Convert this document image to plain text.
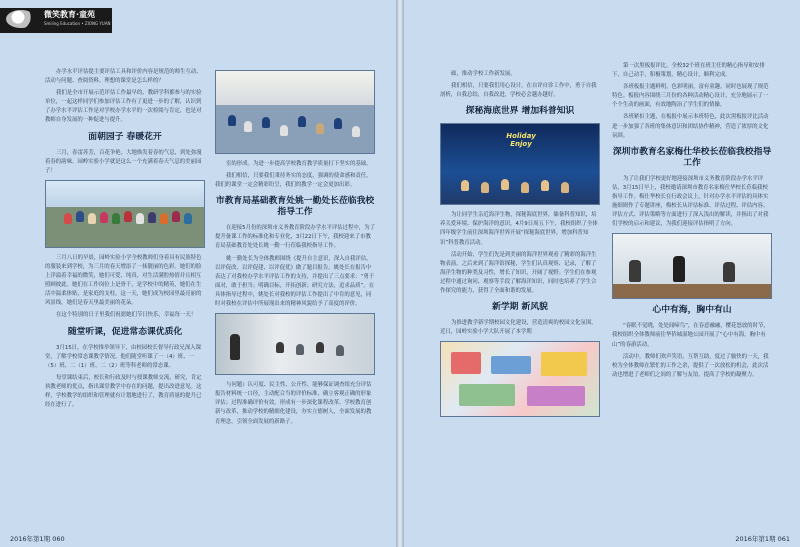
微笑教育·童苑
Smiling Education • ZIONG YUAN

办学水平评估提主要评估工具和评价内容是规范的师生互动、活动与问题、查阅资料。理想的课堂是怎么样的？

我们是全市开展示范评估工作最早的、教研学科都参与的实验单位，一起这样同学们参加评估工作有了更进一步的了解，认识到了办学水平评估工作是对学校办学水平的一次检阅与肯定，也是对教师自身发展的一种促进与提升。

面朝园子 春暖花开

三月，春雷苏芳，百花争艳。大地焕发着春的气息，到处弥漫着春的韵味。园岭实验小学就是这么一个充满着春天气息的美丽园子！

三月八日的早晨，园岭实验小学全校教师们身着具有民族特色的服装来到学校，为三月的春天增添了一抹靓丽的色彩。她们的脸上洋溢着幸福的微笑，她们可爱、纯真，对生活满腔热情并且相互照顾彼此。她们在工作岗位上是骨干，是学校中的精英，她们在生活中温柔体贴，是家庭的支柱。这一天，她们成为校园里最亮丽的风景线，她们是春天里最美丽的花朵。

在这个特别的日子里我们祝愿她们节日快乐，幸福每一天！

随堂听课，促进常态课优质化

3月15日，在学校推举领导下，由校园校长督导行政兄深入课堂，了解学校常态课教学情况。他们随堂听课了一（4）班、一（5）班、二（1）班、二（2）班等科老师的常态课。

每堂课结束后，校长和行政及时与授课教师交流、研究，肯定执教老师的优点，指出课堂教学中存在的问题，提出改进意见。这样，学校教学的组织和管理就有计划地进行了，教育质量的提升已经在进行了。

室的形成。为进一步提高学校教育教学质量打下坚实的基础。

我们相信，只要我们秉持务实的态度，强调的使命感和责任，我们的课堂一定会精彩纷呈，我们的教学一定会更加出彩。

市教育局基础教育处姚一勤处长莅临我校指导工作

在迎接5月份的深圳市义务教育阶段办学水平评估过程中，为了提升备课工作的标准化和专业化，3月22日下午，我校迎来了市教育局基础教育处处长姚一勤一行莅临我校指导工作。

姚一勤处长为全体教师围绕《提升自主意识，深入自我评估，以评促改、以评促建、以评促优》做了题目报告。姚处长在报告中表达了对我校办学水平评估工作的支持，并提出了三点要求：“勇于面对，敢于担当；明确目标，开拓创新；研究方法，追求品质”。在具体指导过程中，姚处长对我校的评估工作提出了中肯的意见，同时对我校在评估中所展现出来的精神风貌给予了高度的评价。

与问题）认可度、民主性、公开性、能够保证调查组充分评估报告材料统一口径，主动配合当的评价标准，确立客观正确的形象评估；过程准确评价有效，形成有一步深化课程改革、学校教育创新与改革，推动学校的精细化建设，夯实立德树人，全面发展的教育理念，引领全面发展的新路子。

2016年第1期 060

础，推动学校工作新发展。

我们相信，只要我们用心设计，在自评自诊工作中，勇于自我剖析，自我总结，自我改进，学校必会越办越好。

探秘海底世界 增加科普知识
Holiday
Enjoy

为让同学生亲近海洋生物，探秘海底世界，储备科普知识，培养关爱环境、保护海洋的意识，4月9日周五下午，我校组织了全体四年级学生前往深圳海洋世界开展“探秘海底世界，增加科普知识”科普教育活动。

活动开始，学生们先是到美丽的海洋世界观看了精彩的海洋生物表演，之后来到了海洋馆探秘，学生们认真观察、记录，了解了海洋生物的种类及习性，增长了知识，开阔了视野。学生们在参观过程中通过询问、观察等手段了解海洋知识，同时也培养了学生合作探究的能力，获得了全面和谐的发展。

新学期 新风貌

为推进教学新学期校园文化建设，营造清爽的校园文化氛围，近日，园岭实验小学大队开展了本学期

第一次黑板报评比，全校32个班在班主任的精心指导和安排下，自己动手，积极策划，精心设计，顺利完成。

各班板报主题鲜明，色彩明丽，富有童趣。同时也展现了规范特色。板报内容围绕三月份的各种活动精心设计，充分地展示了一个个生动的画面，有效地陶冶了学生们的情操。

各班紧扣主题，在板报中展示本班特色，此次黑板报评比活动进一步加强了各班的集体意识和团结协作精神，营造了浓厚的文化氛围。

深圳市教育名家梅仕华校长莅临我校指导工作

为了让我们学校更好地迎接深圳市义务教育阶段办学水平评估，3月15日早上，我校邀请深圳市教育名家梅仕华校长莅临我校指导工作。梅仕华校长在行政会议上，针对办学水平评估的具体实施细则作了专题讲座，梅校长从评估标准、评估过程、评估内容、评估方式、评估策略等方面进行了深入浅出的解读，并指出了对我们学校的启示和建议，为我们迎接评估指明了方向。

心中有海，胸中有山

“春眠不觉晓，处处闻啼鸟”，在春意融融，樱花怒放的时节，我校组织全体教师前往华侨城湿地公园开展了“心中有海，胸中有山”的春游活动。

活动中，教师们欢声笑语，互帮互助，度过了愉快的一天，我校为全体教师在繁忙的工作之余，提供了一次放松的机会，此次活动也增进了老师们之间的了解与友谊，提高了学校的凝聚力。

2016年第1期 061
